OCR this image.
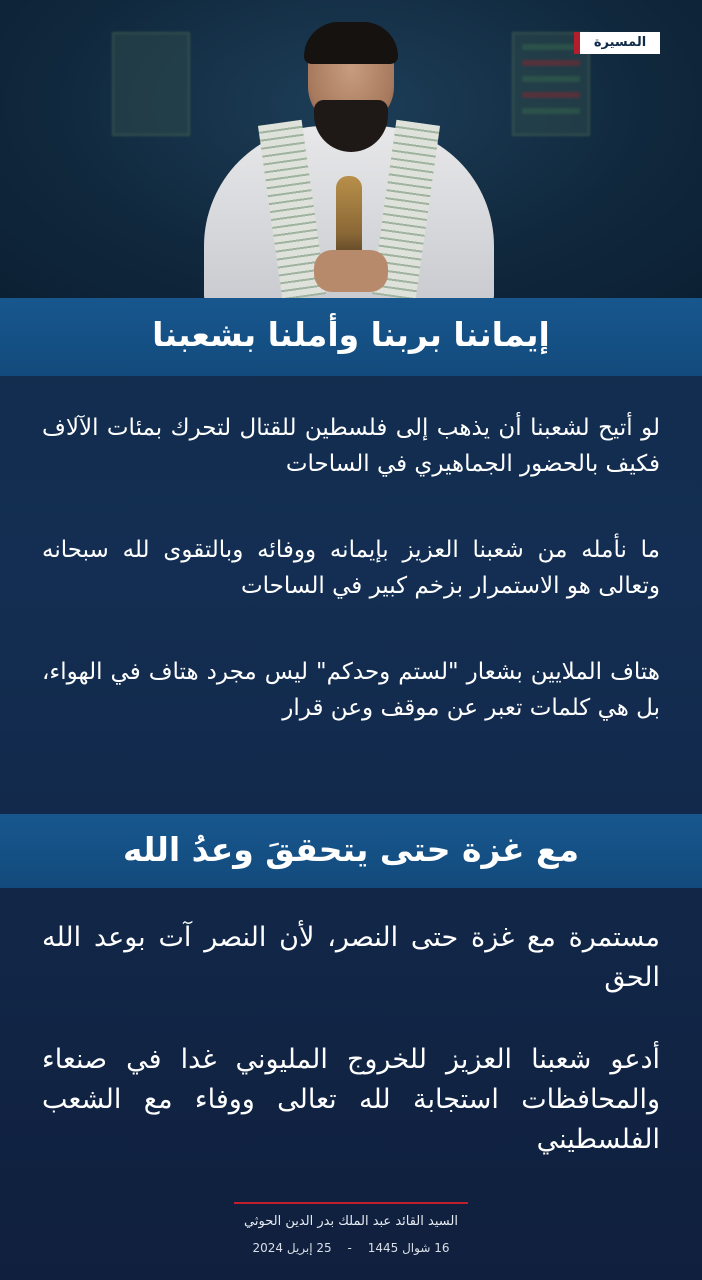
المسيرة
إيماننا بربنا وأملنا بشعبنا
لو أتيح لشعبنا أن يذهب إلى فلسطين للقتال لتحرك بمئات الآلاف فكيف بالحضور الجماهيري في الساحات
ما نأمله من شعبنا العزيز بإيمانه ووفائه وبالتقوى لله سبحانه وتعالى هو الاستمرار بزخم كبير في الساحات
هتاف الملايين بشعار "لستم وحدكم" ليس مجرد هتاف في الهواء، بل هي كلمات تعبر عن موقف وعن قرار
مع غزة حتى يتحققَ وعدُ الله
مستمرة مع غزة حتى النصر، لأن النصر آت بوعد الله الحق
أدعو شعبنا العزيز للخروج المليوني غدا في صنعاء والمحافظات استجابة لله تعالى ووفاء مع الشعب الفلسطيني
السيد القائد عبد الملك بدر الدين الحوثي
16 شوال 1445 - 25 إبريل 2024
